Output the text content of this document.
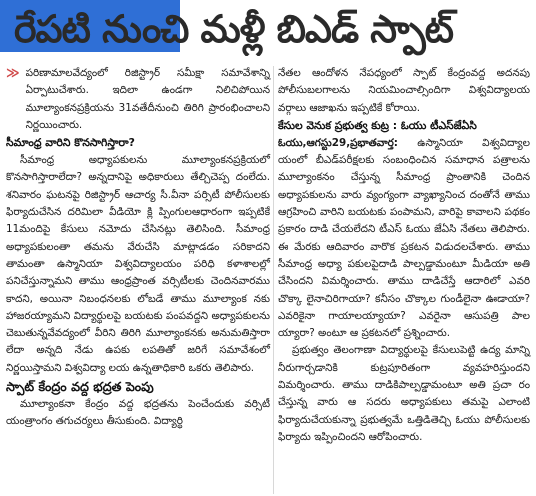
రేపటి నుంచి మళ్లీ బిఎడ్ స్పాట్
≫ పరిణామాలవేద్యంలో రిజిస్ట్రార్ సమీక్షా సమావేశాన్ని ఏర్పాటుచేశారు. ఇదిలా ఉండగా నిలిచిపోయిన మూల్యాంకనప్రక్రియను 31వతేదీనుంచి తిరిగి ప్రారంభించాలని నిర్ణయించారు.

సీమాంధ్ర వారిని కొనసాగిస్తారా?

సీమాంధ్ర అధ్యాపకులను మూల్యాంకనప్రక్రియలో కొనసాగిస్తారాలేదా? అన్నదానిపై అధికారులు తేల్చిచెప్ప దంలేదు. శనివారం ఘటనపై రిజిస్ట్రార్ ఆచార్య సీ.వీనా పర్సిటీ పోలీసులకు ఫిర్యాదుచేసిన దరిమిలా వీడియో క్లి ప్పింగులఆధారంగా ఇప్పటికే 11మందిపై కేసులు నమోదు చేసినట్లు తెలిసింది. సీమాంధ్ర అధ్యాపకులంతా తమను వేరుచేసి మాట్లాడడం సరికాదని తామంతా ఉస్మానియా విశ్వవిద్యాలయం పరిధి కళాశాలల్లో పనిచేస్తున్నామని తాము ఆంధ్రప్రాంత వర్సిటీలకు చెందినవారము కాదని, అయినా నిబంధనలకు లోబడే తాము మూల్యాంక నకు హాజరయ్యామని విద్యార్థులపై బయటకు పంపవద్దని అధ్యాపకులను చెబుతున్నవేవద్యంలో వీరిని తిరిగి మూల్యాంకనకు అనుమతిస్తారా లేదా అన్నది నేడు ఉపకు లపతితో జరిగే సమావేశంలో నిర్ణయిస్తామని విశ్వవిద్యా లయ ఉన్నతాధికారి ఒకరు తెలిపారు.

స్పాట్ కేంద్రం వద్ద భద్రత పెంపు

మూల్యాంకనా కేంద్రం వద్ద భద్రతను పెంచేందుకు వర్సిటీ యంత్రాంగం తగుచర్యలు తీసుకుంది. విద్యార్థి

నేతల ఆందోళన నేపధ్యంలో స్పాట్ కేంద్రంవద్ద అదనపు పోలీసుబలగాలను నియమించాల్సిందిగా విశ్వవిద్యాలయ వర్గాలు ఆజాఖను ఇప్పటికే కోరాయి.

కేసుల వెనుక ప్రభుత్వ కుట్ర : ఓయు టీఎస్‌జేఏసి

ఓయు,ఆగస్టు29,ప్రభాతవార్త: ఉస్మానియా విశ్వవిద్యాల యంలో బీఎడ్‌పరీక్షలకు సంబంధించిన సమాధాన పత్రాలను మూల్యాంకనం చేస్తున్న సీమాంధ్ర ప్రాంతానికి చెందిన అధ్యాపకులను వారు వ్యంగ్యంగా వ్యాఖ్యానించ దంతోనే తాము ఆగ్రహించి వారిని బయటకు పంపామని, వారిపై కావాలని పథకం ప్రకారం దాడి చేయలేదని టీఎస్ ఓయు జేఏసి నేతలు తెలిపారు. ఈ మేరకు ఆదివారం వారొక ప్రకటన విడుదలచేశారు. తాము సీమాంధ్ర అధ్యా పకులపైదాడి పాల్పడ్డామంటూ మీడియా అతి చేసిందని విమర్శించారు. తాము దాడిచేస్తే ఆదారిలో ఎవరి చొక్కా లైనాచిరిగాయా? కనీసం చొక్కాల గుండీలైనా ఊడాయా? ఎవరికైనా గాయాలయ్యాయా? ఎవరైనా ఆసుపత్రి పాల య్యారా? అంటూ ఆ ప్రకటనలో ప్రశ్నించారు.

ప్రభుత్వం తెలంగాణా విద్యార్థులపై కేసులుపెట్టి ఉద్య మాన్ని నీరుగార్చడానికి కుట్రపూరితంగా వ్యవహరిస్తుందని విమర్శించారు. తాము దాడికిపాల్పడ్డామంటూ అతి ప్రచా రం చేస్తున్న వారు ఆ సదరు అధ్యాపకులు తమపై ఎలాంటి ఫిర్యాదుచేయకున్నా ప్రభుత్వమే ఒత్తిడితెచ్చి ఓయు పోలీసులకు ఫిర్యాదు ఇప్పించిందని ఆరోపించారు.
